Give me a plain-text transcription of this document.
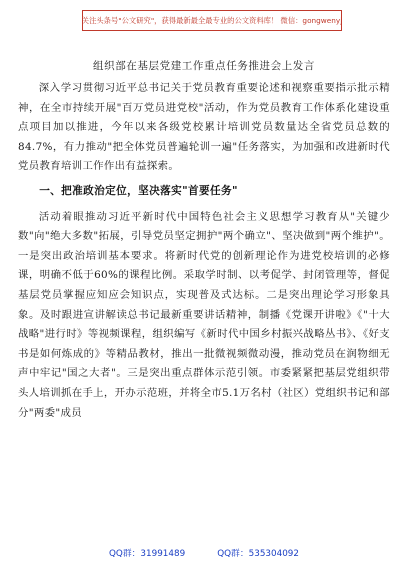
关注头条号"公文研究"，获得最新最全最专业的公文资料库！ 微信：gongwenyj
组织部在基层党建工作重点任务推进会上发言

深入学习贯彻习近平总书记关于党员教育重要论述和视察重要指示批示精神，在全市持续开展"百万党员进党校"活动，作为党员教育工作体系化建设重点项目加以推进，今年以来各级党校累计培训党员数量达全省党员总数的84.7%，有力推动"把全体党员普遍轮训一遍"任务落实，为加强和改进新时代党员教育培训工作作出有益探索。

一、把准政治定位，坚决落实"首要任务"

活动着眼推动习近平新时代中国特色社会主义思想学习教育从"关键少数"向"绝大多数"拓展，引导党员坚定拥护"两个确立"、坚决做到"两个维护"。一是突出政治培训基本要求。将新时代党的创新理论作为进党校培训的必修课，明确不低于60%的课程比例。采取学时制、以考促学、封闭管理等，督促基层党员掌握应知应会知识点，实现普及式达标。二是突出理论学习形象具象。及时跟进宣讲解读总书记最新重要讲话精神，制播《党课开讲啦》《"十大战略"进行时》等视频课程，组织编写《新时代中国乡村振兴战略丛书》、《好支书是如何炼成的》等精品教材，推出一批微视频微动漫，推动党员在润物细无声中牢记"国之大者"。三是突出重点群体示范引领。市委紧紧把基层党组织带头人培训抓在手上，开办示范班，并将全市5.1万名村（社区）党组织书记和部分"两委"成员

QQ群：31991489	QQ群：535304092
